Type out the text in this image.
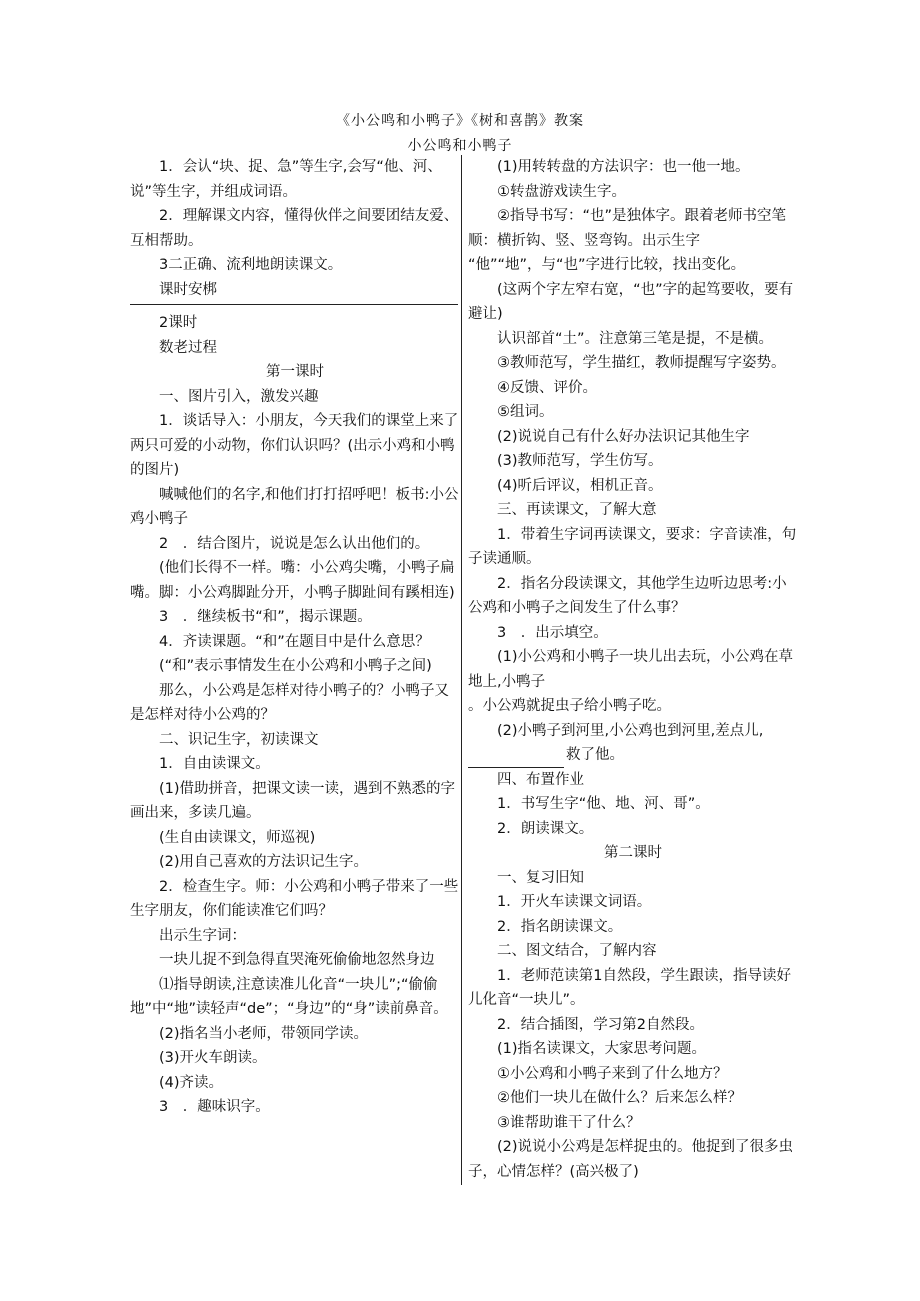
《小公鸣和小鸭子》《树和喜鹊》教案
小公鸣和小鸭子

1．会认“块、捉、急”等生字,会写“他、河、说”等生字，并组成词语。

2．理解课文内容，懂得伙伴之间要团结友爱、互相帮助。

3二正确、流利地朗读课文。

课时安梆

2课时

数老过程

第一课时

一、图片引入，激发兴趣

1．谈话导入：小朋友，今天我们的课堂上来了两只可爱的小动物，你们认识吗？(出示小鸡和小鸭的图片)

喊喊他们的名字,和他们打打招呼吧！板书:小公鸡小鸭子

2　．结合图片，说说是怎么认出他们的。

(他们长得不一样。嘴：小公鸡尖嘴，小鸭子扁嘴。脚：小公鸡脚趾分开，小鸭子脚趾间有蹊相连)

3　．继续板书“和”，揭示课题。

4．齐读课题。“和”在题目中是什么意思？

(“和”表示事情发生在小公鸡和小鸭子之间)

那么，小公鸡是怎样对待小鸭子的？小鸭子又是怎样对待小公鸡的？

二、识记生字，初读课文

1．自由读课文。

(1)借助拼音，把课文读一读，遇到不熟悉的字画出来，多读几遍。

(生自由读课文，师巡视)

(2)用自己喜欢的方法识记生字。

2．检查生字。师：小公鸡和小鸭子带来了一些生字朋友，你们能读准它们吗？

出示生字词：

一块儿捉不到急得直哭淹死偷偷地忽然身边

⑴指导朗读,注意读准儿化音“一块儿”;“偷偷地”中“地”读轻声“de”；“身边”的“身”读前鼻音。

(2)指名当小老师，带领同学读。

(3)开火车朗读。

(4)齐读。

3　．趣味识字。

(1)用转转盘的方法识字：也一他一地。

①转盘游戏读生字。

②指导书写：“也”是独体字。跟着老师书空笔顺：横折钩、竖、竖弯钩。出示生字

“他”“地”，与“也”字进行比较，找出变化。

(这两个字左窄右宽，“也”字的起笃要收，要有避让)

认识部首“土”。注意第三笔是提，不是横。

③教师范写，学生描红，教师提醒写字姿势。

④反馈、评价。

⑤组词。

(2)说说自己有什么好办法识记其他生字

(3)教师范写，学生仿写。

(4)听后评议，相机正音。

三、再读课文，了解大意

1．带着生字词再读课文，要求：字音读准，句子读通顺。

2．指名分段读课文，其他学生边听边思考:小公鸡和小鸭子之间发生了什么事？

3　．出示填空。

(1)小公鸡和小鸭子一块儿出去玩，小公鸡在草地上,小鸭子

。小公鸡就捉虫子给小鸭子吃。

(2)小鸭子到河里,小公鸡也到河里,差点儿,

救了他。

四、布置作业

1．书写生字“他、地、河、哥”。

2．朗读课文。

第二课时

一、复习旧知

1．开火车读课文词语。

2．指名朗读课文。

二、图文结合，了解内容

1．老师范读第1自然段，学生跟读，指导读好儿化音“一块儿”。

2．结合插图，学习第2自然段。

(1)指名读课文，大家思考问题。

①小公鸡和小鸭子来到了什么地方？

②他们一块儿在做什么？后来怎么样？

③谁帮助谁干了什么？

(2)说说小公鸡是怎样捉虫的。他捉到了很多虫子，心情怎样？(高兴极了)
